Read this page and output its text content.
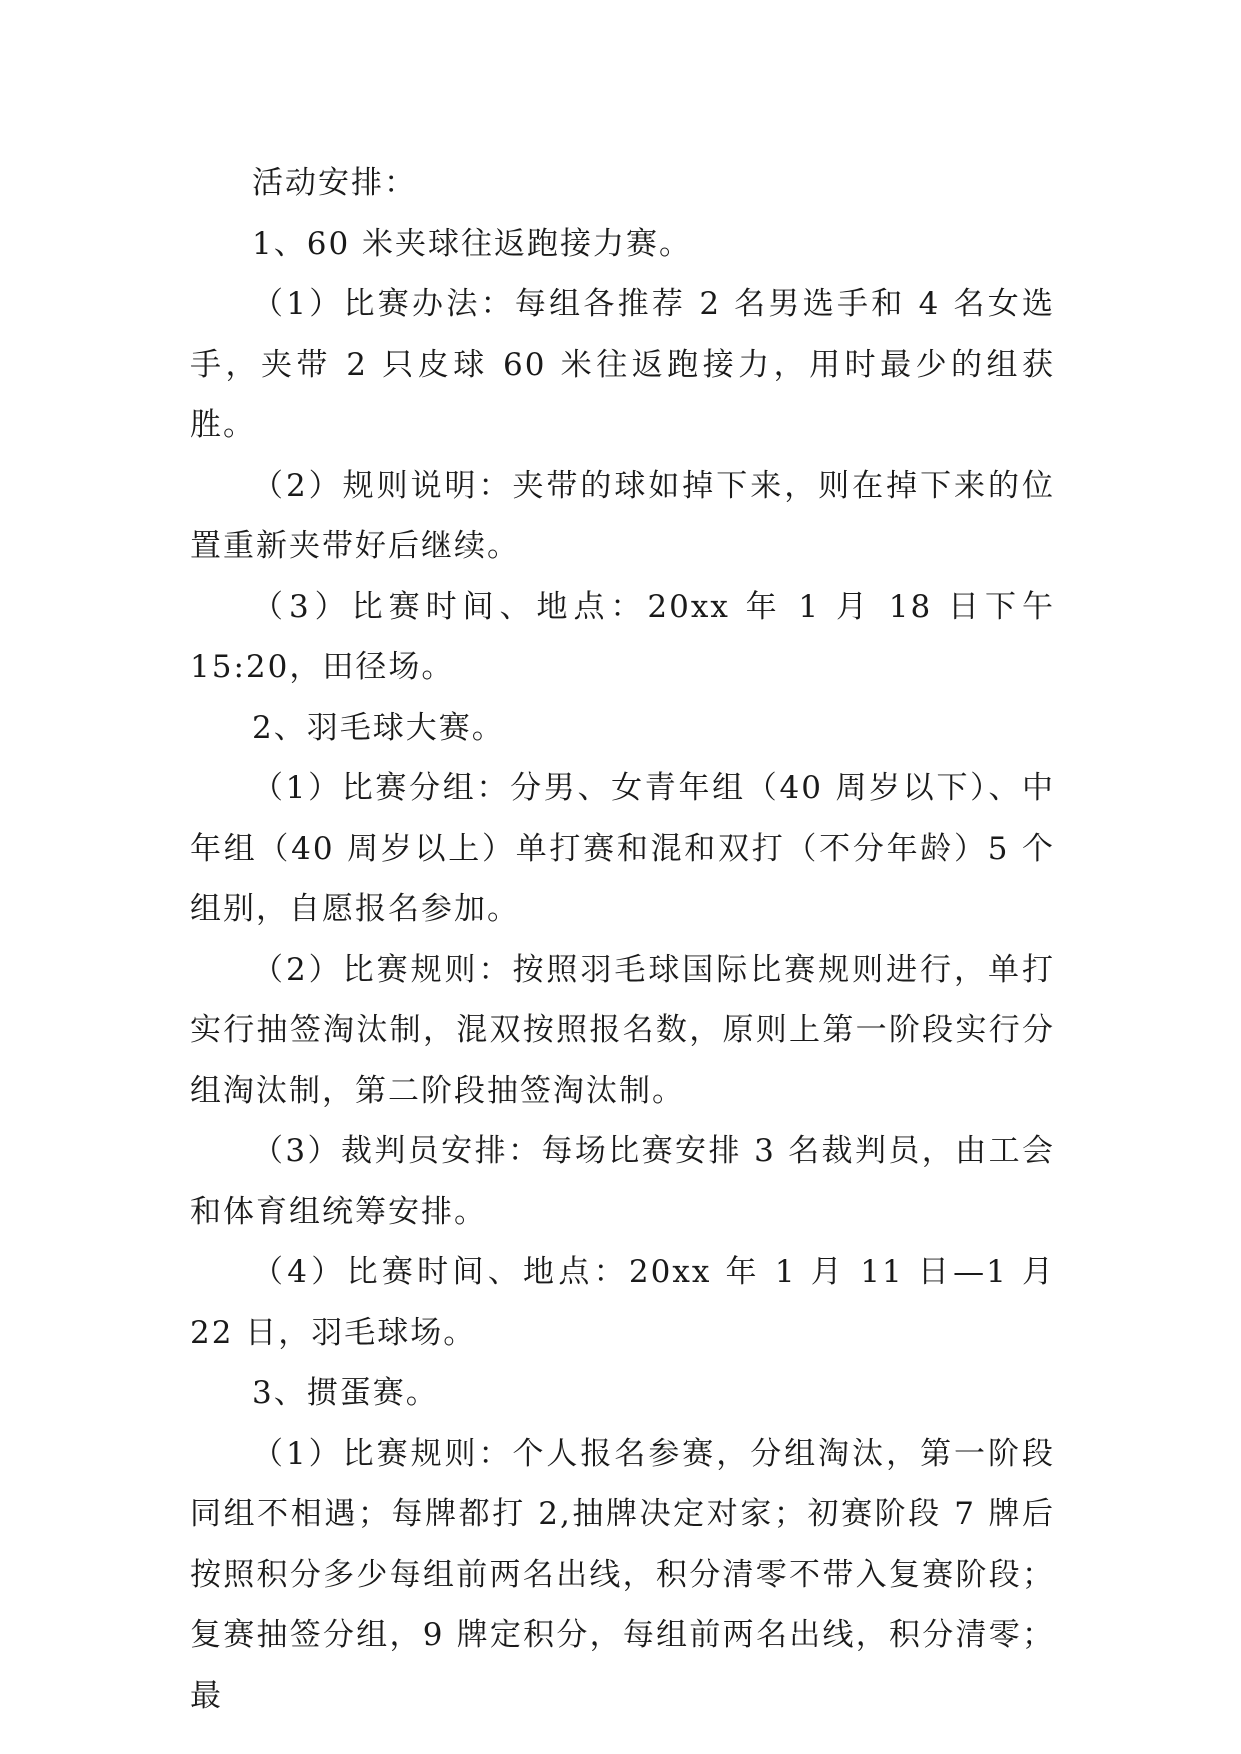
活动安排：

1、60 米夹球往返跑接力赛。

（1）比赛办法：每组各推荐 2 名男选手和 4 名女选手，夹带 2 只皮球 60 米往返跑接力，用时最少的组获胜。

（2）规则说明：夹带的球如掉下来，则在掉下来的位置重新夹带好后继续。

（3）比赛时间、地点：20xx 年 1 月 18 日下午 15:20，田径场。

2、羽毛球大赛。

（1）比赛分组：分男、女青年组（40 周岁以下）、中年组（40 周岁以上）单打赛和混和双打（不分年龄）5 个组别，自愿报名参加。

（2）比赛规则：按照羽毛球国际比赛规则进行，单打实行抽签淘汰制，混双按照报名数，原则上第一阶段实行分组淘汰制，第二阶段抽签淘汰制。

（3）裁判员安排：每场比赛安排 3 名裁判员，由工会和体育组统筹安排。

（4）比赛时间、地点：20xx 年 1 月 11 日—1 月 22 日，羽毛球场。

3、掼蛋赛。

（1）比赛规则：个人报名参赛，分组淘汰，第一阶段同组不相遇；每牌都打 2,抽牌决定对家；初赛阶段 7 牌后按照积分多少每组前两名出线，积分清零不带入复赛阶段；复赛抽签分组，9 牌定积分，每组前两名出线，积分清零；最
